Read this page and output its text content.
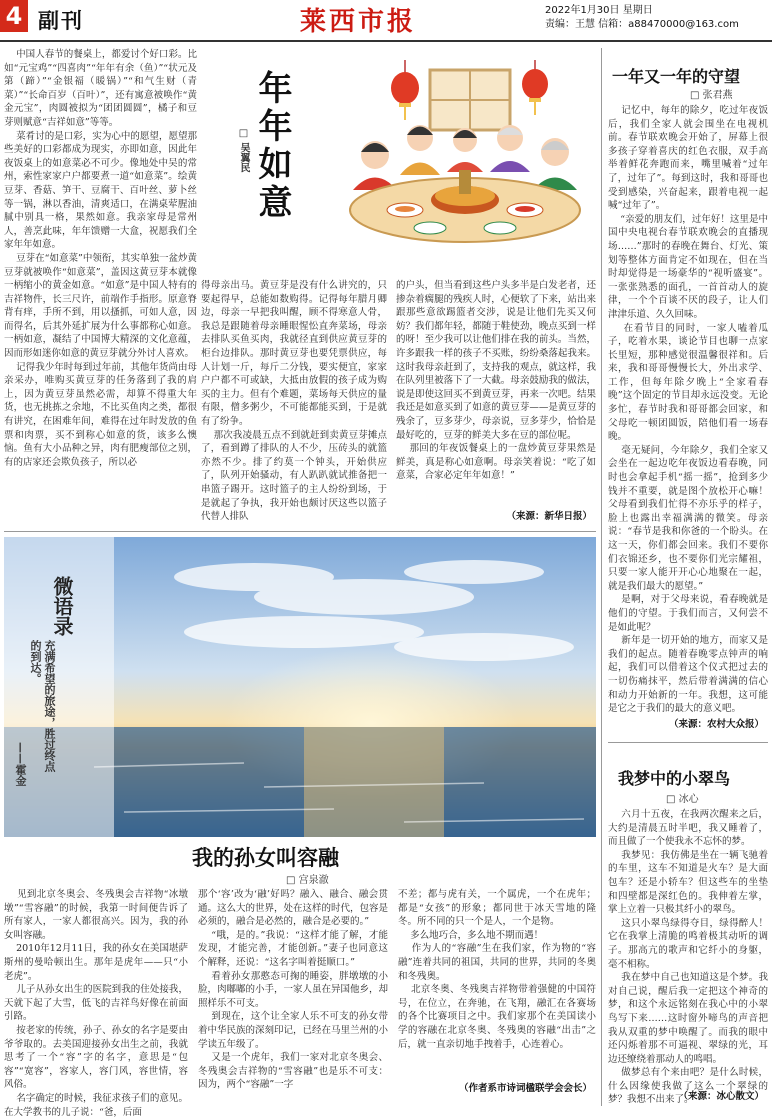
4 副刊	莱西市报	2022年1月30日 星期日
责编：王慧 信箱：a88470000@163.com
年年如意
□ 吴翼民
中国人春节的餐桌上，都爱讨个好口彩。比如“元宝鸡”“四喜肉”“年年有余（鱼）”“状元及第（蹄）”“金银福（暖锅）”“和气生财（青菜）”“长命百岁（百叶）”，还有寓意被唤作“黄金元宝”，肉圆被拟为“团团圆圆”，橘子和豆芽则赋意“吉祥如意”等等。
菜肴讨的是口彩，实为心中的愿望，愿望那些美好的口彩都成为现实，亦即如意，因此年夜饭桌上的如意菜必不可少。像地处中吴的常州，索性家家户户都要煮一道“如意菜”。绘黄豆芽、香菇、笋干、豆腐干、百叶丝、萝卜丝等一锅，淋以香油，清爽适口，在满桌荤腥油腻中别具一格，果然如意。我亲家母是常州人，善烹此味，年年馈赠一大盒，祝愿我们全家年年如意。
豆芽在“如意菜”中领衔，其实单独一盆炒黄豆芽就被唤作“如意菜”，盖因这黄豆芽本就像一柄缩小的黄金如意。“如意”是中国人特有的吉祥物件，长三尺许，前端作手指形。原意脊背有痒，手所不到，用以搔抓，可如人意，因而得名，后其外延扩展为什么事都称心如意。一柄如意，凝结了中国博大精深的文化意蕴，因而形如迷你如意的黄豆芽就分外讨人喜欢。
记得我少年时每到过年前，其他年货尚由母亲采办，唯购买黄豆芽的任务落到了我的肩上，因为黄豆芽虽然必需，却算不得重大年货，也无挑拣之余地，不比买鱼肉之类，都很有讲究，在困难年间，难得在过年时发放的鱼票和肉票，买不到称心如意的货，该多么懊恼。鱼有大小品种之异，肉有肥瘦部位之别，有的店家还会欺负孩子，所以必
得母亲出马。黄豆芽是没有什么讲究的，只要起得早，总能如数购得。记得每年腊月卿边，母亲一早把我叫醒，顾不得寒意人骨，我总是跟随着母亲睡眼惺忪直奔菜场，母亲去排队买鱼买肉，我就径直到供应黄豆芽的柜台边排队。那时黄豆芽也要凭票供应，每人计划一斤，每斤二分钱，要实便宜，家家户户都不可或缺，大抵由放假的孩子成为购买的主力。但有个难题，菜场每天供应的量有限，僧多粥少，不可能都能买到，于是就有了纷争。
那次我凌晨五点不到就赶到卖黄豆芽摊点了，看到蹲了排队的人不少，压砖头的就篮亦然不少。排了约莫一个钟头，开始供应了，队列开始骚动，有人趴趴就试推备把一串篮子踢开。这时篮子的主人纷纷到场，于是就起了争执，我开始也颇讨厌这些以篮子代替人排队
的户头，但当看到这些户头多半是白发老者，还掺杂着瘸腿的残疾人时，心便软了下来，站出来跟那些意欲踢篮者交涉，说是让他们先买又何妨？我们都年轻，都随于鞋使劲，晚点买到一样的呀！至少我可以让他们排在我的前头。当然，许多跟我一样的孩子不买账，纷纷桑落起我来。这时我母亲赶到了，支持我的观点，就这样，我在队列里被落下了一大截。母亲鼓励我的做法，说是即使这回买不到黄豆芽，再来一次吧。结果我还是如意买到了如意的黄豆芽——是黄豆芽的残余了，豆多芽少，母亲说，豆多芽少，恰恰是最好吃的，豆芽的鲜美大多在豆的部位呢。
那回的年夜饭餐桌上的一盘炒黄豆芽果然是鲜美，真是称心如意啊。母亲笑着说：“吃了如意菜，合家必定年年如意！”
（来源：新华日报）
微语录
充满希望的旅途，胜过终点的到达。
——霍金
我的孙女叫容融
□ 宫泉澈
见到北京冬奥会、冬残奥会吉祥物“冰墩墩”“雪容融”的时候，我第一时间便告诉了所有家人，一家人都很高兴。因为，我的孙女叫容融。
2010年12月11日，我的孙女在美国堪萨斯州的曼哈顿出生。那年是虎年——只“小老虎”。
儿子从孙女出生的医院到我的住处接我，天就下起了大雪，低飞的吉祥鸟好像在前面引路。
按老家的传统，孙子、孙女的名字是要由爷爷取的。去美国迎接孙女出生之前，我就思考了一个“容”字的名字，意思是“包容”“宽容”，容家人，容门风，容世情，容风俗。
名字确定的时候，我征求孩子们的意见。在大学教书的儿子说：“爸，后面
那个‘容’改为‘融’好吗？融入、融合、融会贯通。这么大的世界，处在这样的时代，包容是必须的，融合是必然的，融合是必要的。”
“哦，是的。”我说：“这样才能了解，才能发现，才能完善，才能创新。”妻子也同意这个解释，还说：“这名字叫着挺顺口。”
看着孙女那憨态可掬的睡姿，胖墩墩的小脸，肉嘟嘟的小手，一家人虽在异国他乡，却照样乐不可支。
到现在，这个让全家人乐不可支的孙女带着中华民族的深刻印记，已经在马里兰州的小学读五年级了。
又是一个虎年，我们一家对北京冬奥会、冬残奥会吉祥物的“雪容融”也是乐不可支：因为，两个“容融”一字
不差；都与虎有关，一个属虎，一个在虎年；都是“女孩”的形象；都同世于冰天雪地的隆冬。所不同的只一个是人，一个是物。
多么地巧合，多么地不期而遇！
作为人的“容融”生在我们家，作为物的“容融”连着共同的祖国，共同的世界，共同的冬奥和冬残奥。
北京冬奥、冬残奥吉祥物带着强健的中国符号，在位立，在奔驰，在飞翔，融汇在各赛场的各个比赛项目之中。我们家那个在美国读小学的容融在北京冬奥、冬残奥的容融“出击”之后，就一直亲切地手拽着手，心连着心。
（作者系市诗词楹联学会会长）
一年又一年的守望
□ 张君燕
记忆中，每年的除夕，吃过年夜饭后，我们全家人就会围坐在电视机前。春节联欢晚会开始了，屏幕上很多孩子穿着喜庆的红色衣服，双手高举着鲜花奔跑而来，嘴里喊着“过年了，过年了”。每到这时，我和哥哥也受到感染，兴奋起来，跟着电视一起喊“过年了”。
“亲爱的朋友们，过年好！这里是中国中央电视台春节联欢晚会的直播现场……”那时的春晚在舞台、灯光、策划等整体方面肯定不如现在，但在当时却觉得是一场豪华的“视听盛宴”。一张张熟悉的面孔，一首首动人的旋律，一个个百谈不厌的段子，让人们津津乐道、久久回味。
在看节目的同时，一家人嗑着瓜子，吃着水果，谈论节目也聊一点家长里短，那种感觉很温馨很祥和。后来，我和哥哥慢慢长大，外出求学、工作，但每年除夕晚上“全家看春晚”这个固定的节目却永远没变。无论多忙，春节时我和哥哥都会回家，和父母吃一顿团圆饭，陪他们看一场春晚。
毫无疑问，今年除夕，我们全家又会坐在一起边吃年夜饭边看春晚，同时也会拿起手机“摇一摇”，抢到多少钱并不重要，就是图个放松开心嘛！父母看到我们忙得不亦乐乎的样子，脸上也露出幸福满满的微笑。母亲说：“春节是我和你爸的一个盼头。在这一天，你们都会回来。我们不要你们衣锦还乡，也不要你们光宗耀祖，只要一家人能开开心心地聚在一起，就是我们最大的愿望。”
是啊，对于父母来说，看春晚就是他们的守望。于我们而言，又何尝不是如此呢？
新年是一切开始的地方，而家又是我们的起点。随着春晚零点钟声的响起，我们可以借着这个仪式把过去的一切伤痛抹平，然后带着满满的信心和动力开始新的一年。我想，这可能是它之于我们的最大的意义吧。
（来源：农村大众报）
我梦中的小翠鸟
□ 冰心
六月十五夜，在我两次醒来之后，大约是清晨五时半吧，我又睡着了，而且做了一个使我永不忘怀的梦。
我梦见：我仿佛是坐在一辆飞驰着的车里，这车不知道是火车？是大面包车？还是小轿车？但这些车的坐垫和四壁都是深红色的。我伸着左掌，掌上立着一只极其纤小的翠鸟。
这只小翠鸟绿得夺目，绿得醉人！它在我掌上清脆的鸣着极其动听的调子。那高亢的歌声和它纤小的身躯，毫不相称。
我在梦中自己也知道这是个梦。我对自己说，醒后我一定把这个神奇的梦，和这个永远铭刻在我心中的小翠鸟写下来……这时窗外啼鸟的声音把我从双重的梦中唤醒了。而我的眼中还闪烁着那不可逼视、翠绿的光，耳边还缭绕着那动人的鸣唱。
做梦总有个来由吧？是什么时候，什么因缘使我做了这么一个翠绿的梦？我想不出来了。
（来源：冰心散文）
